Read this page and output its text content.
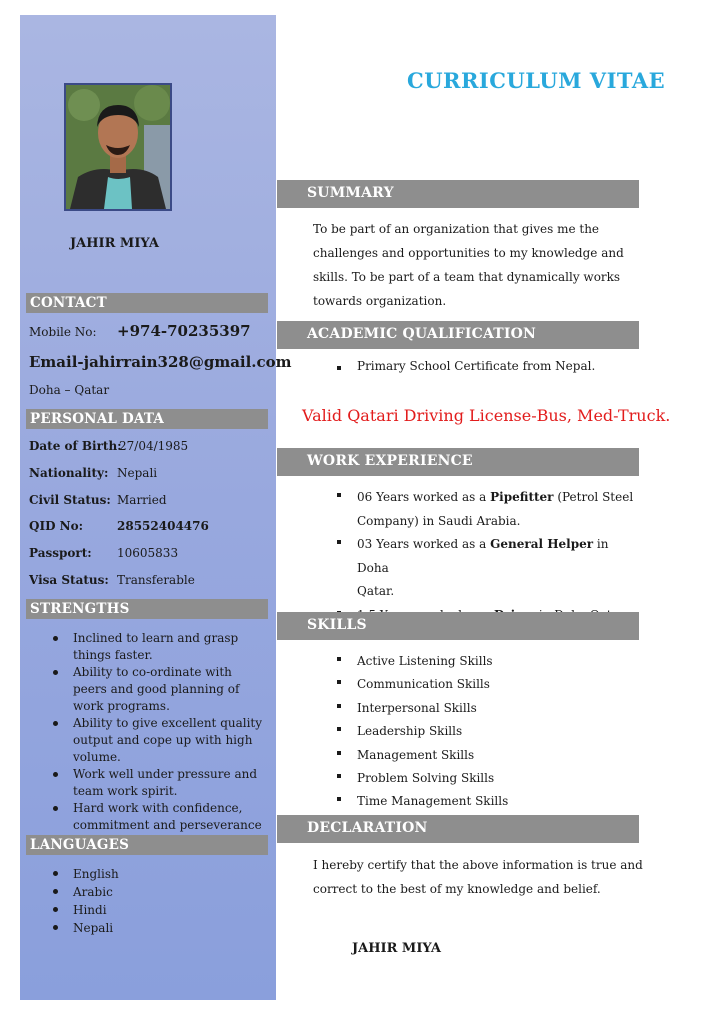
JAHIR MIYA
CONTACT
Mobile No: +974-70235397
Email-jahirrain328@gmail.com
Doha – Qatar
PERSONAL DATA
Date of Birth:
27/04/1985
Nationality: Nepali
Civil Status: Married
QID No:	28552404476
Passport: 10605833
Visa Status: Transferable
STRENGTHS
Inclined to learn and grasp things faster.
Ability to co-ordinate with peers and good planning of work programs.
Ability to give excellent quality output and cope up with high volume.
Work well under pressure and team work spirit.
Hard work with confidence, commitment and perseverance
LANGUAGES
English
Arabic
Hindi
Nepali
CURRICULUM VITAE
SUMMARY
To be part of an organization that gives me the
challenges and opportunities to my knowledge and
skills. To be part of a team that dynamically works
towards organization.
ACADEMIC QUALIFICATION
Primary School Certificate from Nepal.
Valid Qatari Driving License-Bus, Med-Truck.
WORK EXPERIENCE
06 Years worked as a Pipefitter (Petrol Steel
Company) in Saudi Arabia.
03 Years worked as a General Helper in Doha
Qatar.
SKILLS
Active Listening Skills
Communication Skills
Interpersonal Skills
Leadership Skills
Management Skills
Problem Solving Skills
Time Management Skills
DECLARATION
I hereby certify that the above information is true and
correct to the best of my knowledge and belief.
JAHIR MIYA
